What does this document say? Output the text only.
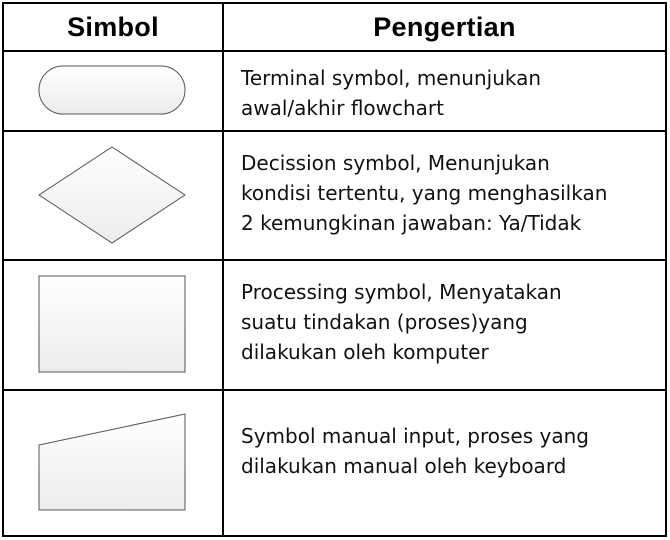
Simbol	Pengertian

Terminal symbol, menunjukan
awal/akhir flowchart

Decission symbol, Menunjukan
kondisi tertentu, yang menghasilkan
2 kemungkinan jawaban: Ya/Tidak

Processing symbol, Menyatakan
suatu tindakan (proses)yang
dilakukan oleh komputer

Symbol manual input, proses yang
dilakukan manual oleh keyboard
